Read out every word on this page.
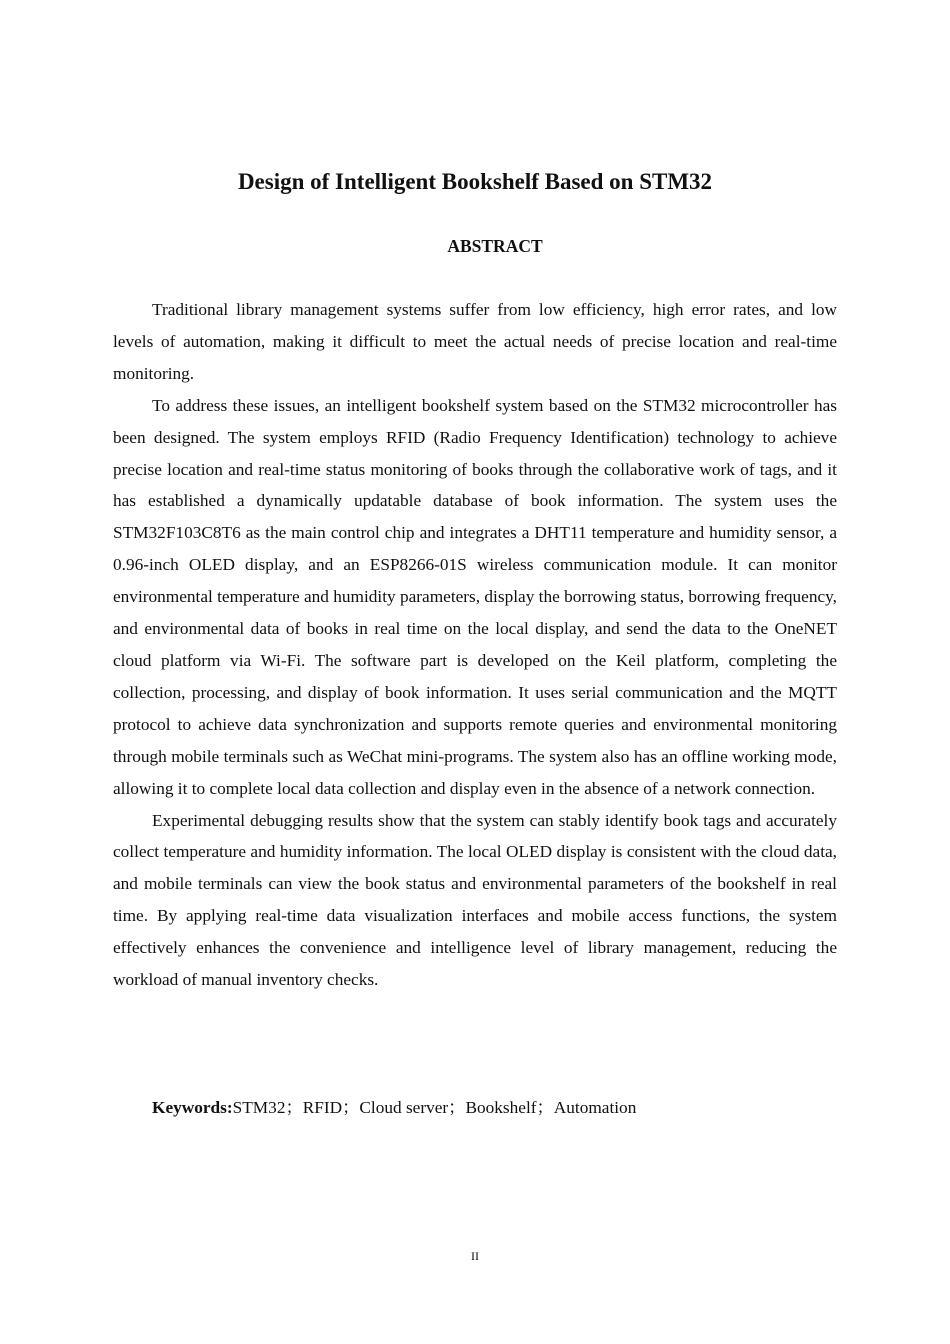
Design of Intelligent Bookshelf Based on STM32
ABSTRACT

Traditional library management systems suffer from low efficiency, high error rates, and low levels of automation, making it difficult to meet the actual needs of precise location and real-time monitoring.

To address these issues, an intelligent bookshelf system based on the STM32 microcontroller has been designed. The system employs RFID (Radio Frequency Identification) technology to achieve precise location and real-time status monitoring of books through the collaborative work of tags, and it has established a dynamically updatable database of book information. The system uses the STM32F103C8T6 as the main control chip and integrates a DHT11 temperature and humidity sensor, a 0.96-inch OLED display, and an ESP8266-01S wireless communication module. It can monitor environmental temperature and humidity parameters, display the borrowing status, borrowing frequency, and environmental data of books in real time on the local display, and send the data to the OneNET cloud platform via Wi-Fi. The software part is developed on the Keil platform, completing the collection, processing, and display of book information. It uses serial communication and the MQTT protocol to achieve data synchronization and supports remote queries and environmental monitoring through mobile terminals such as WeChat mini-programs. The system also has an offline working mode, allowing it to complete local data collection and display even in the absence of a network connection.

Experimental debugging results show that the system can stably identify book tags and accurately collect temperature and humidity information. The local OLED display is consistent with the cloud data, and mobile terminals can view the book status and environmental parameters of the bookshelf in real time. By applying real-time data visualization interfaces and mobile access functions, the system effectively enhances the convenience and intelligence level of library management, reducing the workload of manual inventory checks.

Keywords:STM32；RFID；Cloud server；Bookshelf；Automation
II
